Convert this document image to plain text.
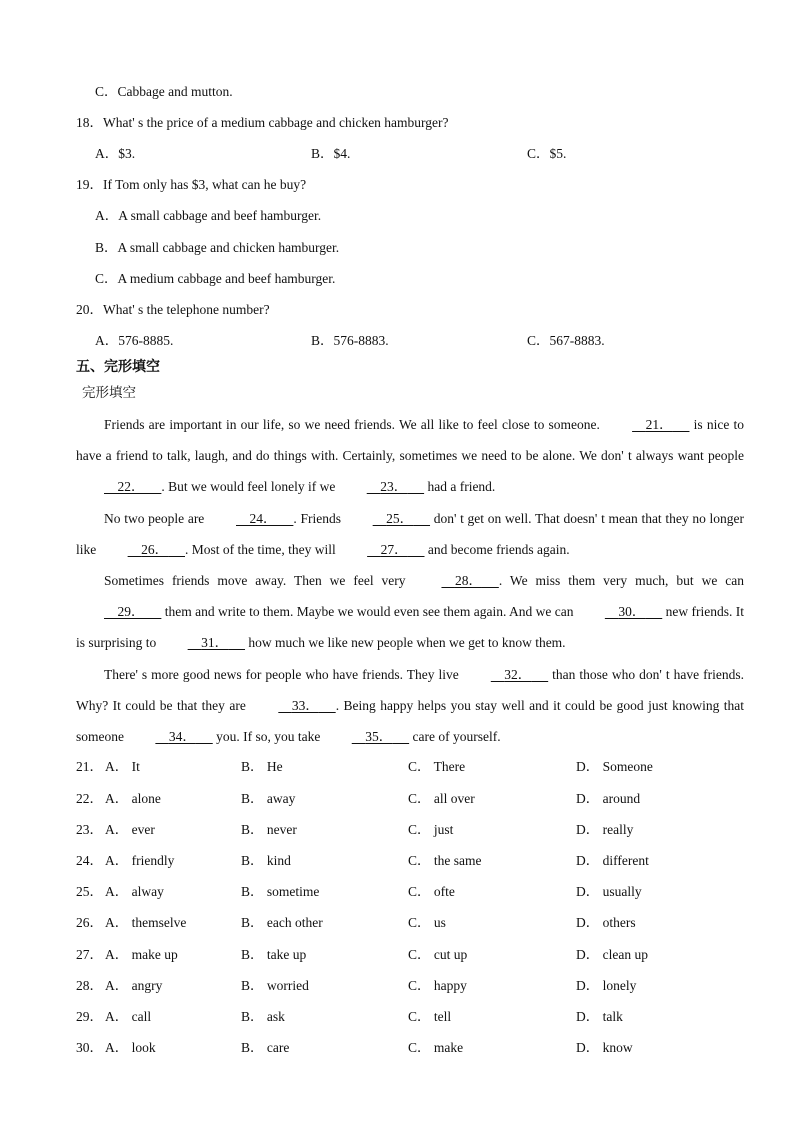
C．Cabbage and mutton.
18．What' s the price of a medium cabbage and chicken hamburger?
A．$3.	B．$4.	C．$5.
19．If Tom only has $3, what can he buy?
A．A small cabbage and beef hamburger.
B．A small cabbage and chicken hamburger.
C．A medium cabbage and beef hamburger.
20．What' s the telephone number?
A．576-8885.	B．576-8883.	C．567-8883.
五、完形填空
完形填空
Friends are important in our life, so we need friends. We all like to feel close to someone.	21．      is nice to have a friend to talk, laugh, and do things with. Certainly, sometimes we need to be alone. We don' t always want people     22． . But we would feel lonely if we	23．      had a friend.
No two people are	24． . Friends	25．      don' t get on well. That doesn' t mean that they no longer like	26． . Most of the time, they will	27．      and become friends again.
Sometimes friends move away. Then we feel very	28． . We miss them very much, but we can     29．      them and write to them. Maybe we would even see them again. And we can	30．      new friends. It is surprising to	31．      how much we like new people when we get to know them.
There' s more good news for people who have friends. They live	32．      than those who don' t have friends. Why? It could be that they are	33． . Being happy helps you stay well and it could be good just knowing that someone	34．      you. If so, you take	35．      care of yourself.
21． A． It	B． He	C． There	D． Someone
22． A． alone	B． away	C． all over	D． around
23． A． ever	B． never	C． just	D． really
24． A． friendly	B． kind	C． the same	D． different
25． A． alway	B． sometime	C． ofte	D． usually
26． A． themselve	B． each other	C． us	D． others
27． A． make up	B． take up	C． cut up	D． clean up
28． A． angry	B． worried	C． happy	D． lonely
29． A． call	B． ask	C． tell	D． talk
30． A． look	B． care	C． make	D． know
